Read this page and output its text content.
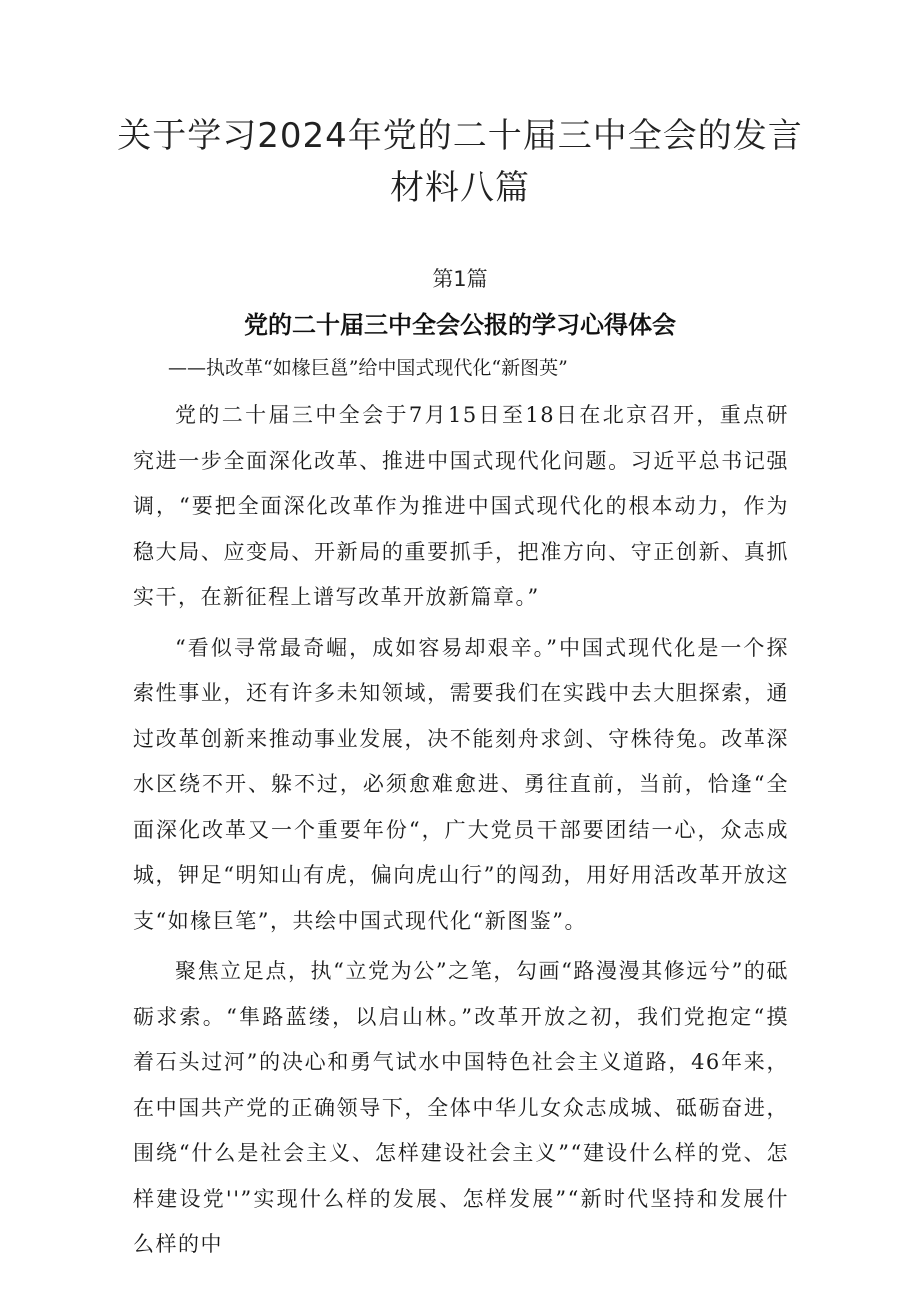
关于学习2024年党的二十届三中全会的发言材料八篇
第1篇
党的二十届三中全会公报的学习心得体会
——执改革“如椽巨邕”给中国式现代化“新图英”

党的二十届三中全会于7月15日至18日在北京召开，重点研究进一步全面深化改革、推进中国式现代化问题。习近平总书记强调，“要把全面深化改革作为推进中国式现代化的根本动力，作为稳大局、应变局、开新局的重要抓手，把准方向、守正创新、真抓实干，在新征程上谱写改革开放新篇章。”

“看似寻常最奇崛，成如容易却艰辛。”中国式现代化是一个探索性事业，还有许多未知领域，需要我们在实践中去大胆探索，通过改革创新来推动事业发展，决不能刻舟求剑、守株待兔。改革深水区绕不开、躲不过，必须愈难愈进、勇往直前，当前，恰逢“全面深化改革又一个重要年份“，广大党员干部要团结一心，众志成城，钾足“明知山有虎，偏向虎山行”的闯劲，用好用活改革开放这支“如椽巨笔”，共绘中国式现代化“新图鉴”。

聚焦立足点，执“立党为公”之笔，勾画“路漫漫其修远兮”的砥砺求索。“隼路蓝缕，以启山林。”改革开放之初，我们党抱定“摸着石头过河”的决心和勇气试水中国特色社会主义道路，46年来，在中国共产党的正确领导下，全体中华儿女众志成城、砥砺奋进，围绕“什么是社会主义、怎样建设社会主义”“建设什么样的党、怎样建设党''”实现什么样的发展、怎样发展”“新时代坚持和发展什么样的中
